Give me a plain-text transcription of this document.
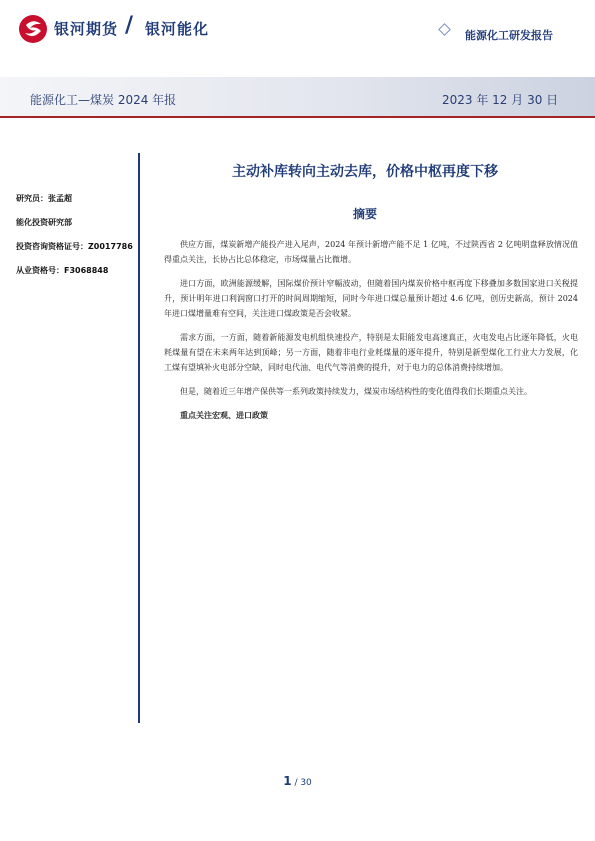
银河期货 / 银河能化	能源化工研发报告
能源化工—煤炭 2024 年报	2023 年 12 月 30 日
研究员：张孟超
能化投资研究部
投资咨询资格证号：Z0017786
从业资格号：F3068848
主动补库转向主动去库，价格中枢再度下移
摘要

供应方面，煤炭新增产能投产进入尾声，2024 年预计新增产能不足 1 亿吨，不过陕西省 2 亿吨明盘释放情况值得重点关注，长协占比总体稳定，市场煤量占比微增。

进口方面，欧洲能源缓解，国际煤价预计窄幅波动，但随着国内煤炭价格中枢再度下移叠加多数国家进口关税提升，预计明年进口利润窗口打开的时间周期缩短，同时今年进口煤总量预计超过 4.6 亿吨，创历史新高，预计 2024 年进口煤增量难有空间，关注进口煤政策是否会收紧。

需求方面，一方面，随着新能源发电机组快速投产，特别是太阳能发电高速真正，火电发电占比逐年降低，火电耗煤量有望在未来两年达到顶峰；另一方面，随着非电行业耗煤量的逐年提升，特别是新型煤化工行业大力发展，化工煤有望填补火电部分空缺，同时电代油、电代气等消费的提升，对于电力的总体消费持续增加。

但是，随着近三年增产保供等一系列政策持续发力，煤炭市场结构性的变化值得我们长期重点关注。

重点关注宏观、进口政策

1 / 30
